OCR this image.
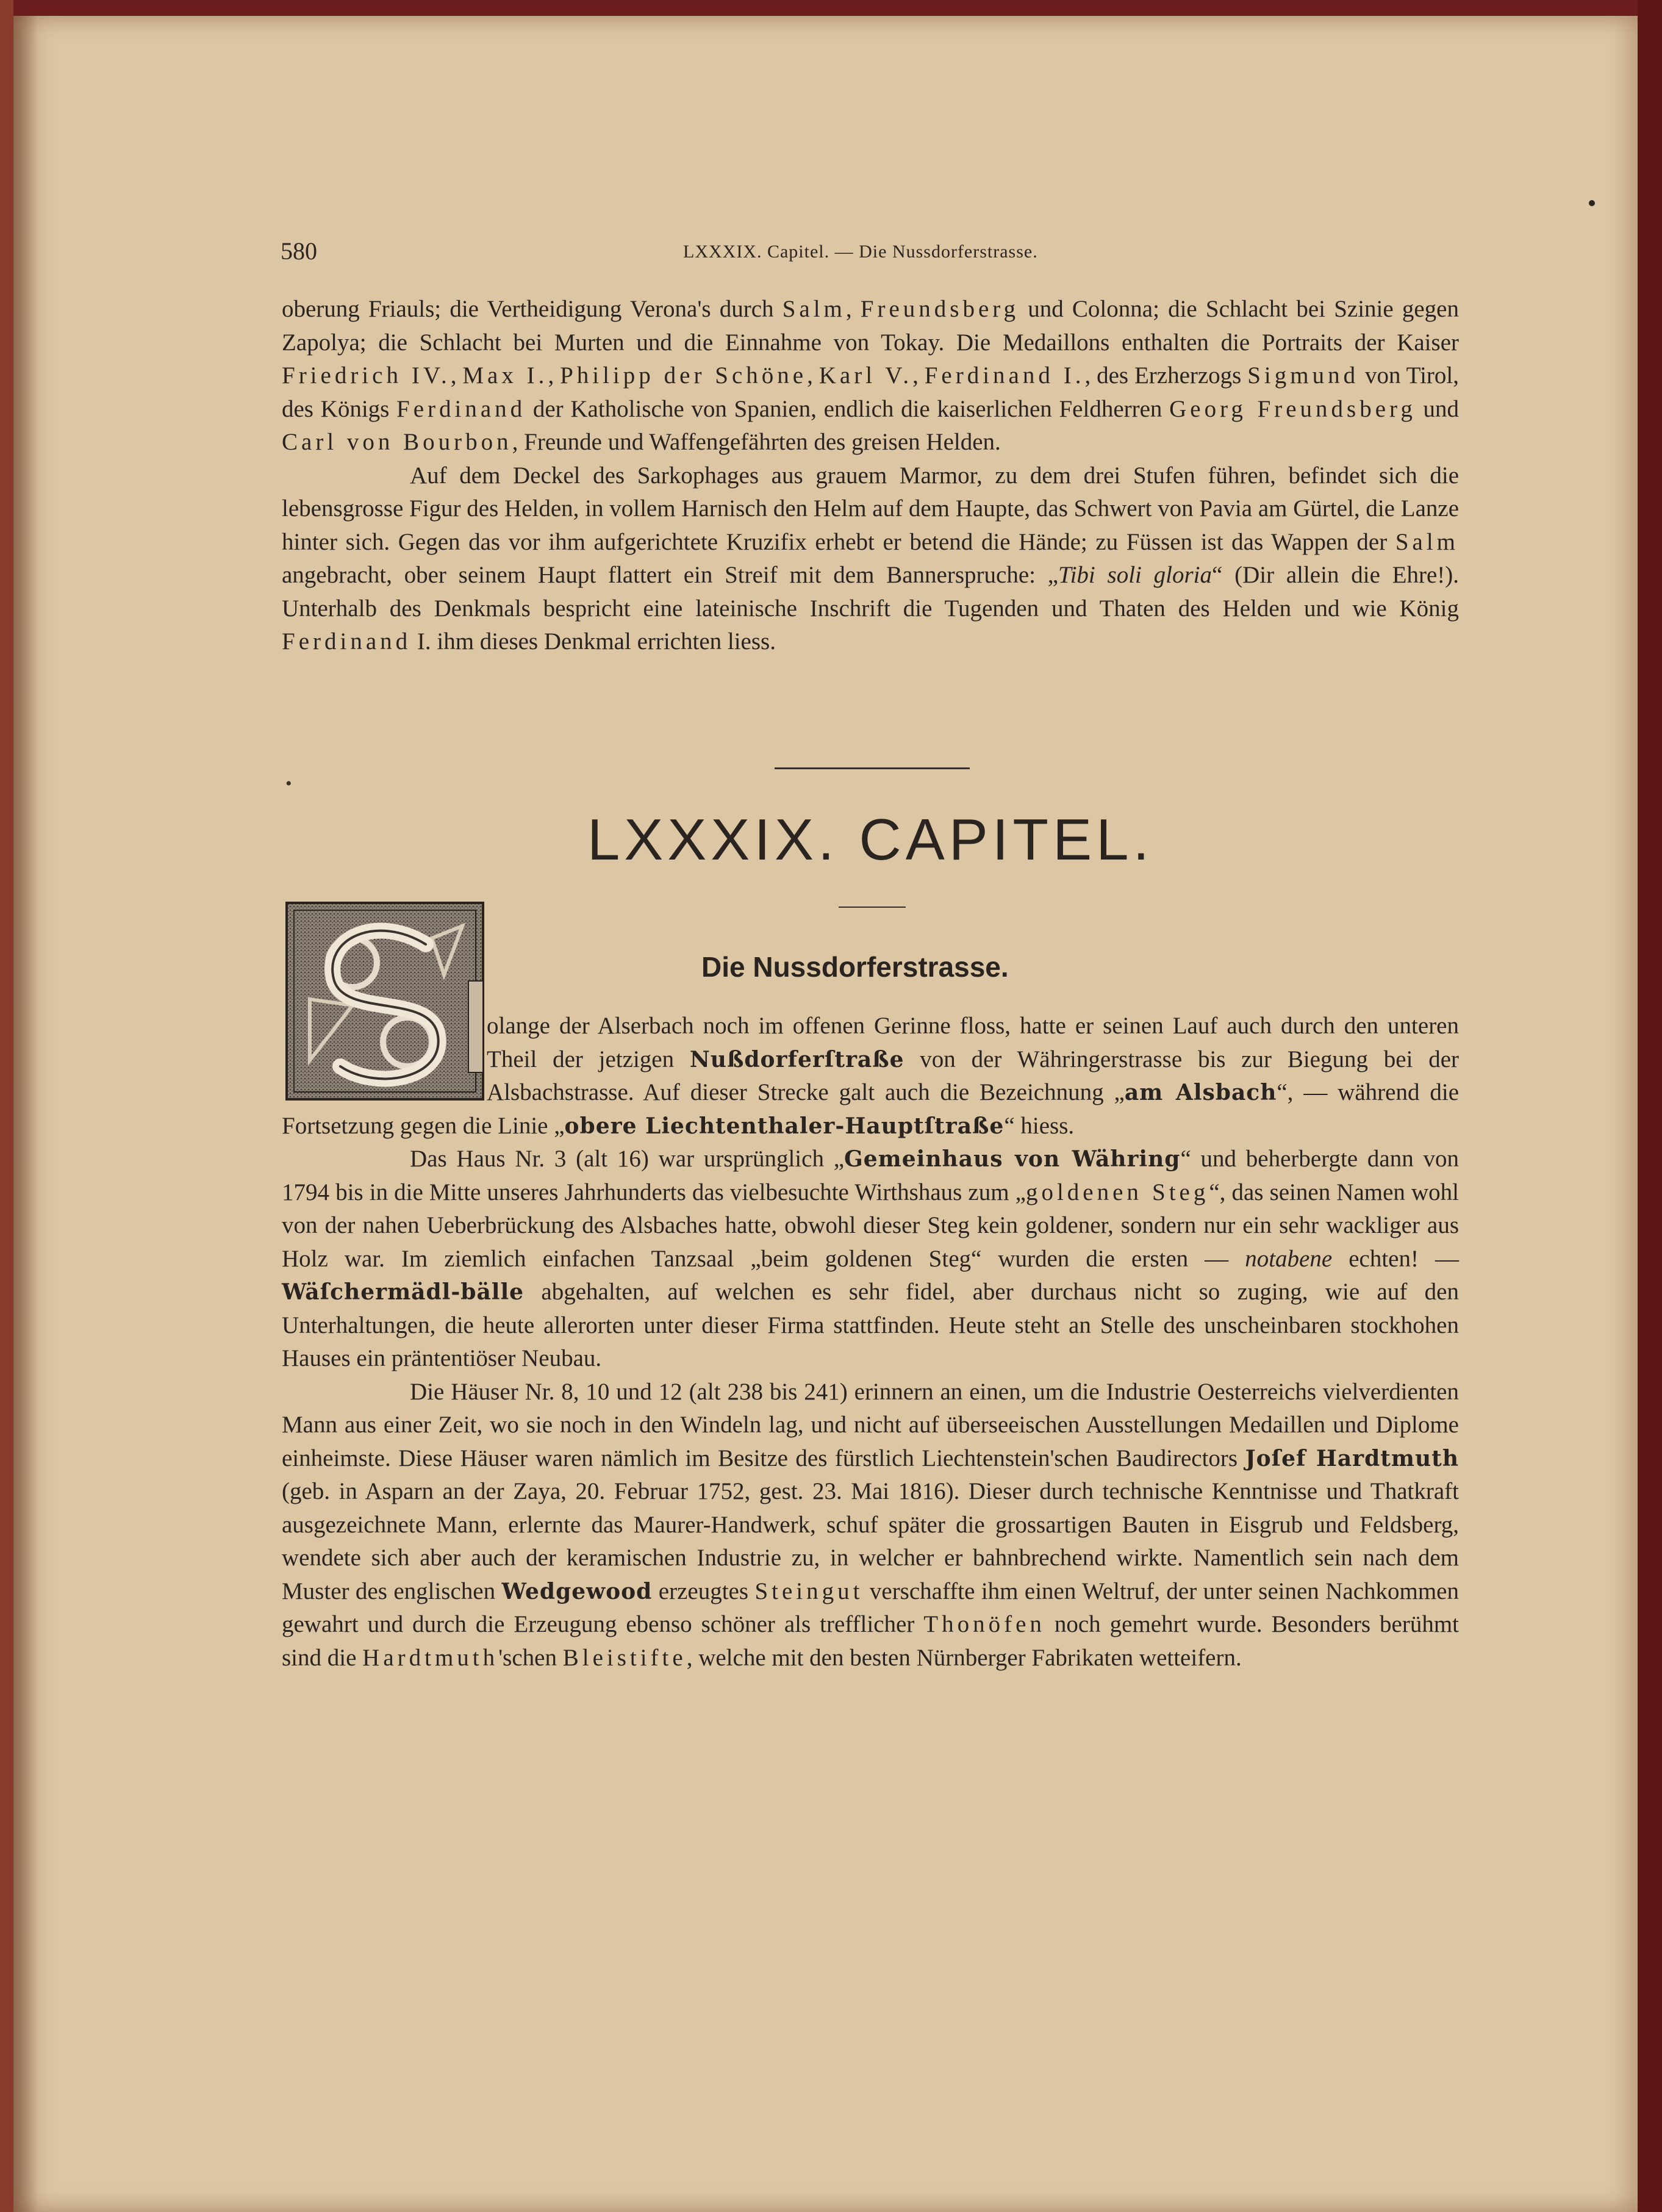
580	LXXXIX. Capitel. — Die Nussdorferstrasse.

oberung Friauls; die Vertheidigung Verona's durch Salm, Freundsberg und Colonna; die Schlacht bei Szinie gegen Zapolya; die Schlacht bei Murten und die Einnahme von Tokay. Die Medaillons enthalten die Portraits der Kaiser Friedrich IV., Max I., Philipp der Schöne, Karl V., Ferdinand I., des Erzherzogs Sigmund von Tirol, des Königs Ferdinand der Katholische von Spanien, endlich die kaiserlichen Feldherren Georg Freundsberg und Carl von Bourbon, Freunde und Waffengefährten des greisen Helden.

Auf dem Deckel des Sarkophages aus grauem Marmor, zu dem drei Stufen führen, befindet sich die lebensgrosse Figur des Helden, in vollem Harnisch den Helm auf dem Haupte, das Schwert von Pavia am Gürtel, die Lanze hinter sich. Gegen das vor ihm aufgerichtete Kruzifix erhebt er betend die Hände; zu Füssen ist das Wappen der Salm angebracht, ober seinem Haupt flattert ein Streif mit dem Bannerspruche: „Tibi soli gloria“ (Dir allein die Ehre!). Unterhalb des Denkmals bespricht eine lateinische Inschrift die Tugenden und Thaten des Helden und wie König Ferdinand I. ihm dieses Denkmal errichten liess.

•
LXXXIX. CAPITEL.
Die Nussdorferstrasse.

olange der Alserbach noch im offenen Gerinne floss, hatte er seinen Lauf auch durch den unteren Theil der jetzigen Nußdorferſtraße von der Währingerstrasse bis zur Biegung bei der Alsbachstrasse. Auf dieser Strecke galt auch die Bezeichnung „am Alsbach“, — während die Fortsetzung gegen die Linie „obere Liechtenthaler-Hauptſtraße“ hiess.

Das Haus Nr. 3 (alt 16) war ursprünglich „Gemeinhaus von Währing“ und beherbergte dann von 1794 bis in die Mitte unseres Jahrhunderts das vielbesuchte Wirthshaus zum „goldenen Steg“, das seinen Namen wohl von der nahen Ueberbrückung des Alsbaches hatte, obwohl dieser Steg kein goldener, sondern nur ein sehr wackliger aus Holz war. Im ziemlich einfachen Tanzsaal „beim goldenen Steg“ wurden die ersten — notabene echten! — Wäſchermädl-bälle abgehalten, auf welchen es sehr fidel, aber durchaus nicht so zuging, wie auf den Unterhaltungen, die heute allerorten unter dieser Firma stattfinden. Heute steht an Stelle des unscheinbaren stockhohen Hauses ein präntentiöser Neubau.

Die Häuser Nr. 8, 10 und 12 (alt 238 bis 241) erinnern an einen, um die Industrie Oesterreichs vielverdienten Mann aus einer Zeit, wo sie noch in den Windeln lag, und nicht auf überseeischen Ausstellungen Medaillen und Diplome einheimste. Diese Häuser waren nämlich im Besitze des fürstlich Liechtenstein'schen Baudirectors Joſef Hardtmuth (geb. in Asparn an der Zaya, 20. Februar 1752, gest. 23. Mai 1816). Dieser durch technische Kenntnisse und Thatkraft ausgezeichnete Mann, erlernte das Maurer-Handwerk, schuf später die grossartigen Bauten in Eisgrub und Feldsberg, wendete sich aber auch der keramischen Industrie zu, in welcher er bahnbrechend wirkte. Namentlich sein nach dem Muster des englischen Wedgewood erzeugtes Steingut verschaffte ihm einen Weltruf, der unter seinen Nachkommen gewahrt und durch die Erzeugung ebenso schöner als trefflicher Thonöfen noch gemehrt wurde. Besonders berühmt sind die Hardtmuth'schen Bleistifte, welche mit den besten Nürnberger Fabrikaten wetteifern.
